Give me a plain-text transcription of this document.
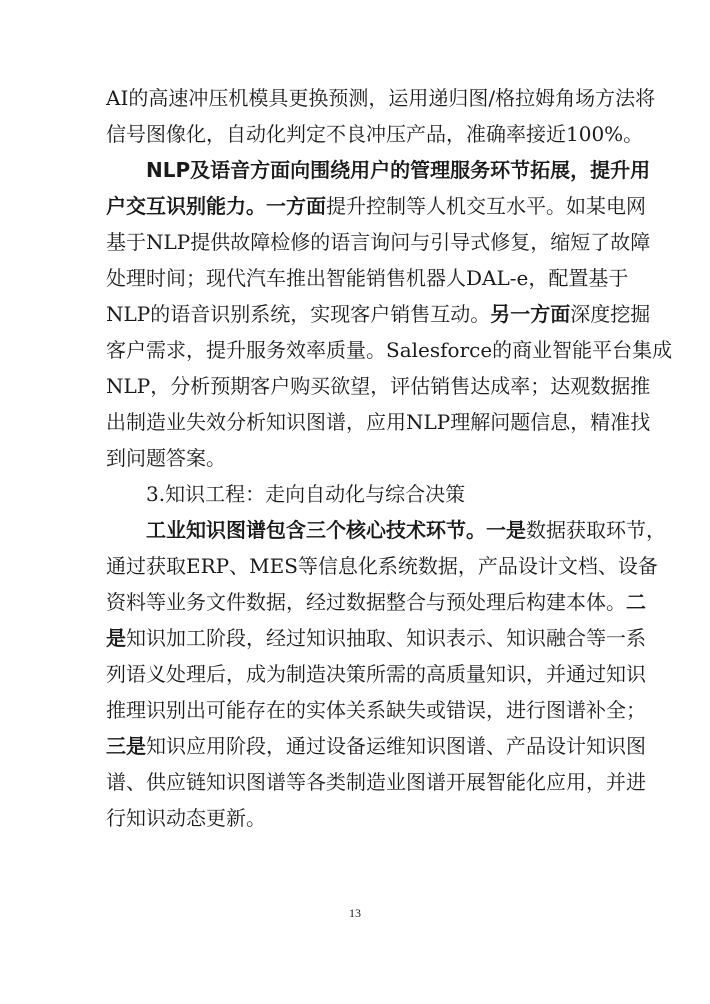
AI的高速冲压机模具更换预测，运用递归图/格拉姆角场方法将
信号图像化，自动化判定不良冲压产品，准确率接近100%。
NLP及语音方面向围绕用户的管理服务环节拓展，提升用
户交互识别能力。一方面提升控制等人机交互水平。如某电网
基于NLP提供故障检修的语言询问与引导式修复，缩短了故障
处理时间；现代汽车推出智能销售机器人DAL-e，配置基于
NLP的语音识别系统，实现客户销售互动。另一方面深度挖掘
客户需求，提升服务效率质量。Salesforce的商业智能平台集成
NLP，分析预期客户购买欲望，评估销售达成率；达观数据推
出制造业失效分析知识图谱，应用NLP理解问题信息，精准找
到问题答案。
3.知识工程：走向自动化与综合决策
工业知识图谱包含三个核心技术环节。一是数据获取环节，
通过获取ERP、MES等信息化系统数据，产品设计文档、设备
资料等业务文件数据，经过数据整合与预处理后构建本体。二
是知识加工阶段，经过知识抽取、知识表示、知识融合等一系
列语义处理后，成为制造决策所需的高质量知识，并通过知识
推理识别出可能存在的实体关系缺失或错误，进行图谱补全；
三是知识应用阶段，通过设备运维知识图谱、产品设计知识图
谱、供应链知识图谱等各类制造业图谱开展智能化应用，并进
行知识动态更新。
13
